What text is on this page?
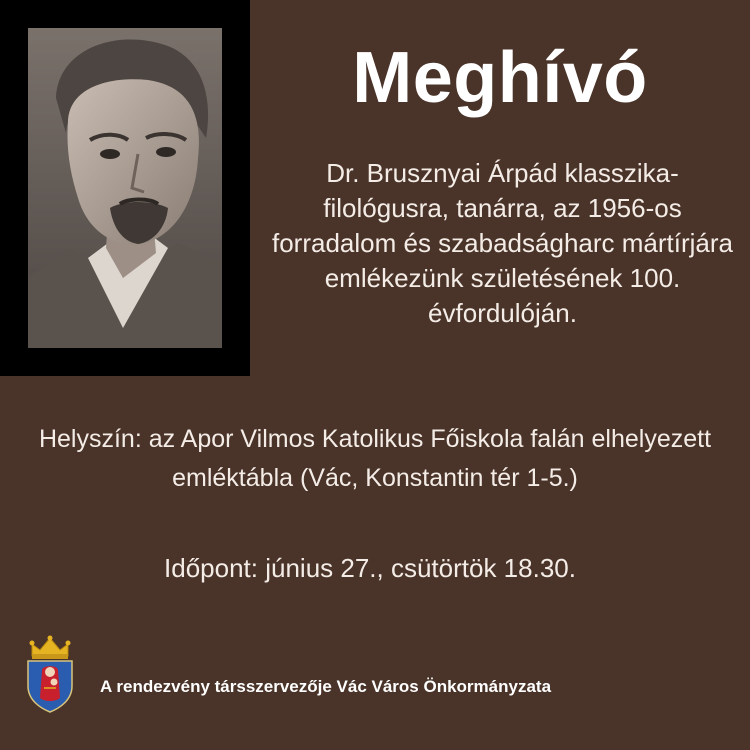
Meghívó
Dr. Brusznyai Árpád klasszika-filológusra, tanárra, az 1956-os forradalom és szabadságharc mártírjára emlékezünk születésének 100. évfordulóján.
Helyszín: az Apor Vilmos Katolikus Főiskola falán elhelyezett emléktábla (Vác, Konstantin tér 1-5.)
Időpont: június 27., csütörtök 18.30.
A rendezvény társszervezője Vác Város Önkormányzata
